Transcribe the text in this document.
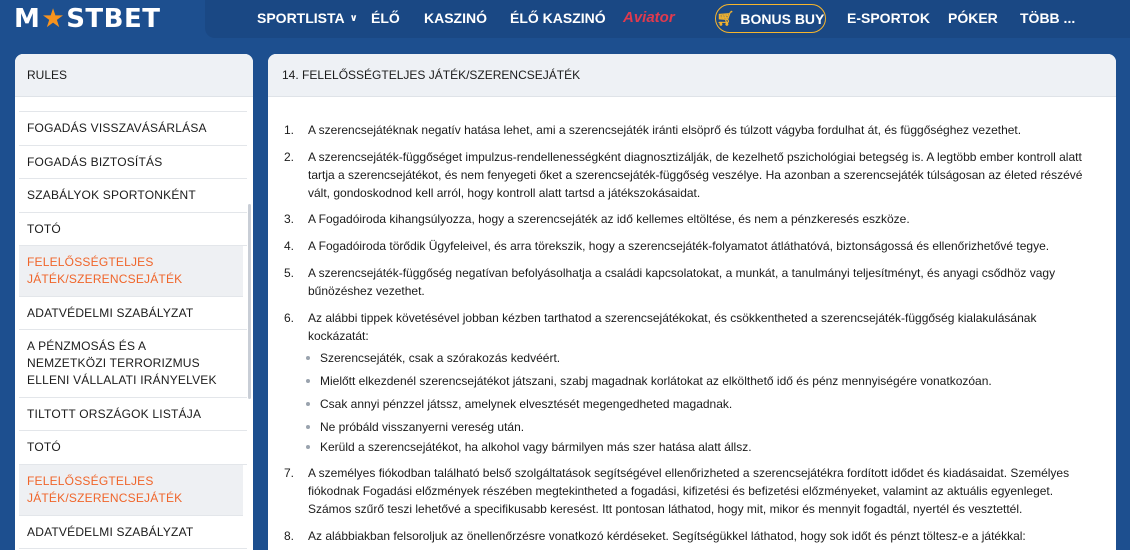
M ★ STBET	SPORTLISTA ∨ ÉLŐ KASZINÓ ÉLŐ KASZINÓ Aviator	🛒︎ BONUS BUY E-SPORTOK PÓKER TÖBB ...
RULES
FOGADÁS VISSZAVÁSÁRLÁSA
FOGADÁS BIZTOSÍTÁS
SZABÁLYOK SPORTONKÉNT
TOTÓ
FELELŐSSÉGTELJES JÁTÉK/SZERENCSEJÁTÉK
ADATVÉDELMI SZABÁLYZAT
A PÉNZMOSÁS ÉS A NEMZETKÖZI TERRORIZMUS ELLENI VÁLLALATI IRÁNYELVEK
TILTOTT ORSZÁGOK LISTÁJA
TOTÓ
FELELŐSSÉGTELJES JÁTÉK/SZERENCSEJÁTÉK
ADATVÉDELMI SZABÁLYZAT
14. FELELŐSSÉGTELJES JÁTÉK/SZERENCSEJÁTÉK
1.	A szerencsejátéknak negatív hatása lehet, ami a szerencsejáték iránti elsöprő és túlzott vágyba fordulhat át, és függőséghez vezethet.
2.	A szerencsejáték-függőséget impulzus-rendellenességként diagnosztizálják, de kezelhető pszichológiai betegség is. A legtöbb ember kontroll alatt tartja a szerencsejátékot, és nem fenyegeti őket a szerencsejáték-függőség veszélye. Ha azonban a szerencsejáték túlságosan az életed részévé vált, gondoskodnod kell arról, hogy kontroll alatt tartsd a játékszokásaidat.
3.	A Fogadóiroda kihangsúlyozza, hogy a szerencsejáték az idő kellemes eltöltése, és nem a pénzkeresés eszköze.
4.	A Fogadóiroda törődik Ügyfeleivel, és arra törekszik, hogy a szerencsejáték-folyamatot átláthatóvá, biztonságossá és ellenőrizhetővé tegye.
5.	A szerencsejáték-függőség negatívan befolyásolhatja a családi kapcsolatokat, a munkát, a tanulmányi teljesítményt, és anyagi csődhöz vagy bűnözéshez vezethet.
6.	Az alábbi tippek követésével jobban kézben tarthatod a szerencsejátékokat, és csökkentheted a szerencsejáték-függőség kialakulásának kockázatát:
Szerencsejáték, csak a szórakozás kedvéért.
Mielőtt elkezdenél szerencsejátékot játszani, szabj magadnak korlátokat az elkölthető idő és pénz mennyiségére vonatkozóan.
Csak annyi pénzzel játssz, amelynek elvesztését megengedheted magadnak.
Ne próbáld visszanyerni vereség után.
Kerüld a szerencsejátékot, ha alkohol vagy bármilyen más szer hatása alatt állsz.
7.	A személyes fiókodban található belső szolgáltatások segítségével ellenőrizheted a szerencsejátékra fordított idődet és kiadásaidat. Személyes fiókodnak Fogadási előzmények részében megtekintheted a fogadási, kifizetési és befizetési előzményeket, valamint az aktuális egyenleget. Számos szűrő teszi lehetővé a specifikusabb keresést. Itt pontosan láthatod, hogy mit, mikor és mennyit fogadtál, nyertél és vesztettél.
8.	Az alábbiakban felsoroljuk az önellenőrzésre vonatkozó kérdéseket. Segítségükkel láthatod, hogy sok időt és pénzt töltesz-e a játékkal:
